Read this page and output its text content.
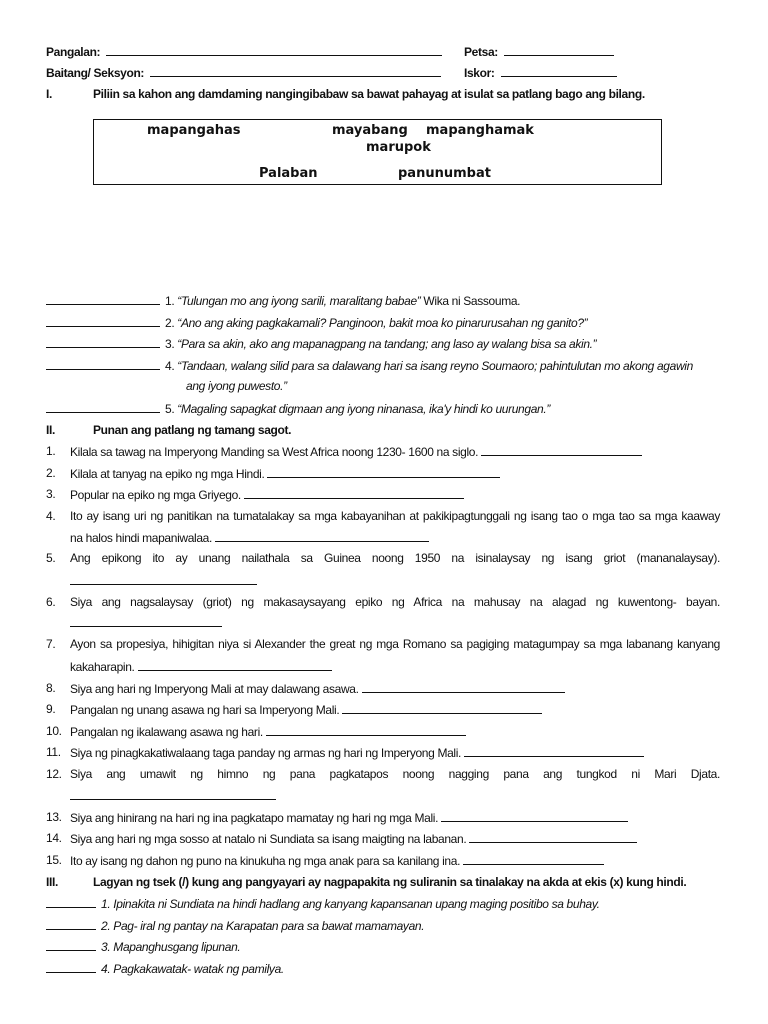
Pangalan:	Petsa:
Baitang/ Seksyon:	Iskor:
I.	Piliin sa kahon ang damdaming nangingibabaw sa bawat pahayag at isulat sa patlang bago ang bilang.
mapangahas	mayabang mapanghamak
marupok
Palaban	panunumbat
1. “Tulungan mo ang iyong sarili, maralitang babae” Wika ni Sassouma.
2. “Ano ang aking pagkakamali? Panginoon, bakit moa ko pinarurusahan ng ganito?”
3. “Para sa akin, ako ang mapanagpang na tandang; ang laso ay walang bisa sa akin.”
4. “Tandaan, walang silid para sa dalawang hari sa isang reyno Soumaoro; pahintulutan mo akong agawin
ang iyong puwesto.”
5. “Magaling sapagkat digmaan ang iyong ninanasa, ika'y hindi ko uurungan.”
II.	Punan ang patlang ng tamang sagot.
1. Kilala sa tawag na Imperyong Manding sa West Africa noong 1230- 1600 na siglo.
2. Kilala at tanyag na epiko ng mga Hindi.
3. Popular na epiko ng mga Griyego.
4. Ito ay isang uri ng panitikan na tumatalakay sa mga kabayanihan at pakikipagtunggali ng isang tao o mga tao sa mga kaaway
na halos hindi mapaniwalaa.
5. Ang epikong ito ay unang nailathala sa Guinea noong 1950 na isinalaysay ng isang griot (mananalaysay).
6. Siya ang nagsalaysay (griot) ng makasaysayang epiko ng Africa na mahusay na alagad ng kuwentong- bayan.
7. Ayon sa propesiya, hihigitan niya si Alexander the great ng mga Romano sa pagiging matagumpay sa mga labanang kanyang
kakaharapin.
8. Siya ang hari ng Imperyong Mali at may dalawang asawa.
9. Pangalan ng unang asawa ng hari sa Imperyong Mali.
10. Pangalan ng ikalawang asawa ng hari.
11. Siya ng pinagkakatiwalaang taga panday ng armas ng hari ng Imperyong Mali.
12. Siya ang umawit ng himno ng pana pagkatapos noong nagging pana ang tungkod ni Mari Djata.
13. Siya ang hinirang na hari ng ina pagkatapo mamatay ng hari ng mga Mali.
14. Siya ang hari ng mga sosso at natalo ni Sundiata sa isang maigting na labanan.
15. Ito ay isang ng dahon ng puno na kinukuha ng mga anak para sa kanilang ina.
III.	Lagyan ng tsek (/) kung ang pangyayari ay nagpapakita ng suliranin sa tinalakay na akda at ekis (x) kung hindi.
1. Ipinakita ni Sundiata na hindi hadlang ang kanyang kapansanan upang maging positibo sa buhay.
2. Pag- iral ng pantay na Karapatan para sa bawat mamamayan.
3. Mapanghusgang lipunan.
4. Pagkakawatak- watak ng pamilya.
